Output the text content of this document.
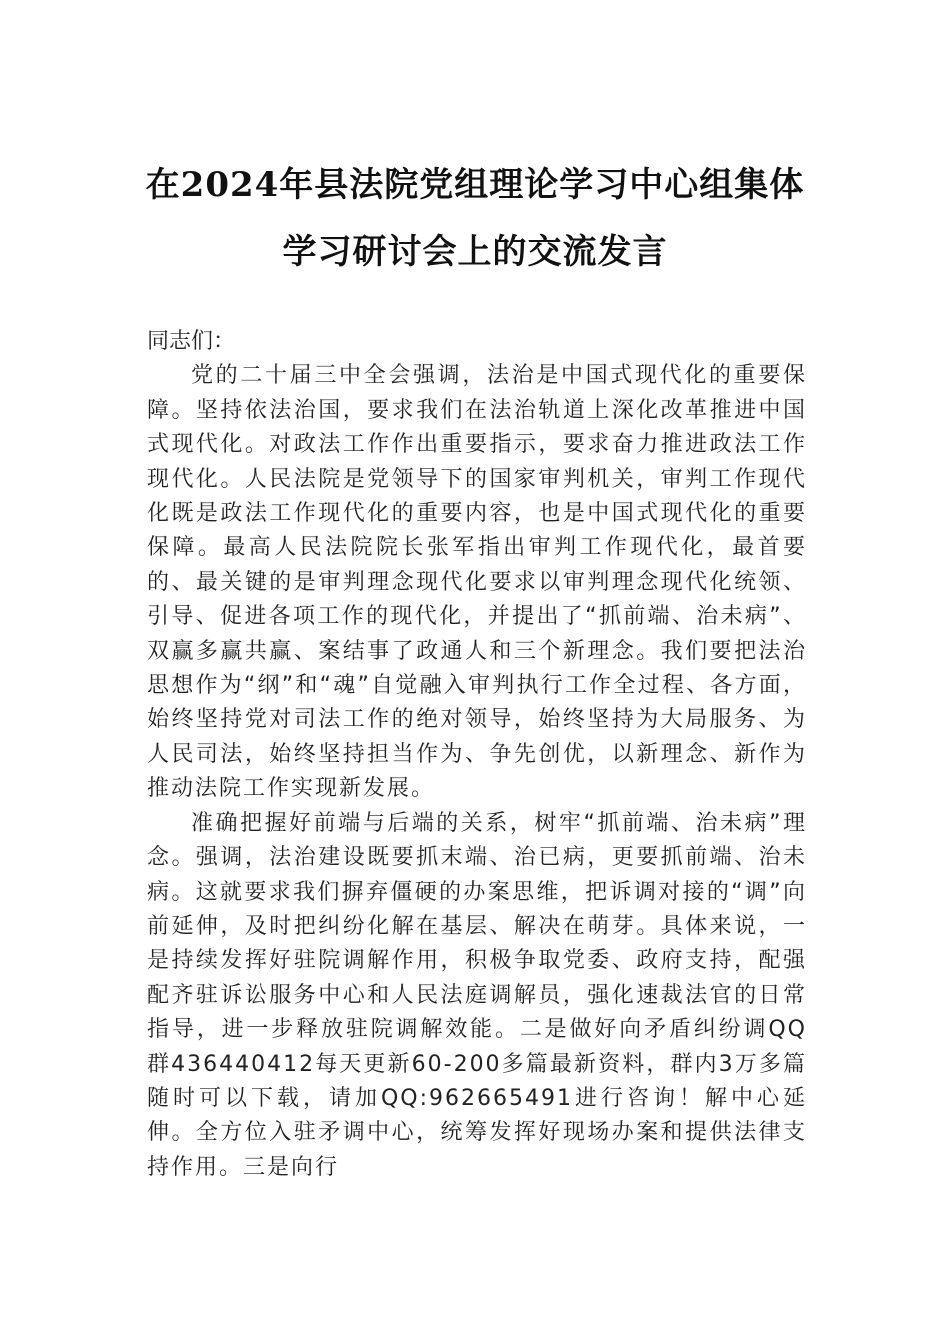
在2024年县法院党组理论学习中心组集体
学习研讨会上的交流发言

同志们：

党的二十届三中全会强调，法治是中国式现代化的重要保障。坚持依法治国，要求我们在法治轨道上深化改革推进中国式现代化。对政法工作作出重要指示，要求奋力推进政法工作现代化。人民法院是党领导下的国家审判机关，审判工作现代化既是政法工作现代化的重要内容，也是中国式现代化的重要保障。最高人民法院院长张军指出审判工作现代化，最首要的、最关键的是审判理念现代化要求以审判理念现代化统领、引导、促进各项工作的现代化，并提出了“抓前端、治未病”、双赢多赢共赢、案结事了政通人和三个新理念。我们要把法治思想作为“纲”和“魂”自觉融入审判执行工作全过程、各方面，始终坚持党对司法工作的绝对领导，始终坚持为大局服务、为人民司法，始终坚持担当作为、争先创优，以新理念、新作为推动法院工作实现新发展。

准确把握好前端与后端的关系，树牢“抓前端、治未病”理念。强调，法治建设既要抓末端、治已病，更要抓前端、治未病。这就要求我们摒弃僵硬的办案思维，把诉调对接的“调”向前延伸，及时把纠纷化解在基层、解决在萌芽。具体来说，一是持续发挥好驻院调解作用，积极争取党委、政府支持，配强配齐驻诉讼服务中心和人民法庭调解员，强化速裁法官的日常指导，进一步释放驻院调解效能。二是做好向矛盾纠纷调QQ群436440412每天更新60-200多篇最新资料，群内3万多篇随时可以下载，请加QQ:962665491进行咨询！解中心延伸。全方位入驻矛调中心，统筹发挥好现场办案和提供法律支持作用。三是向行
